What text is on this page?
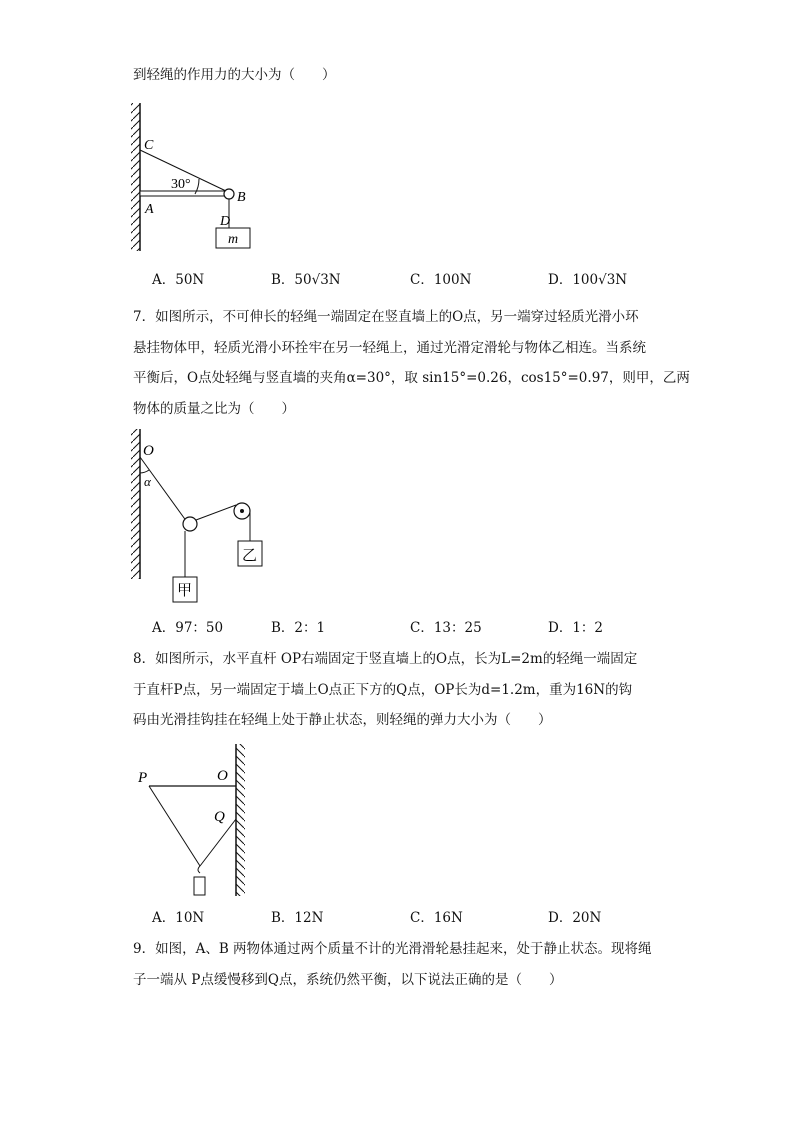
到轻绳的作用力的大小为（　　）
C
30°
A
B
D
m
A．50N	B．50√3N	C．100N	D．100√3N
7．如图所示，不可伸长的轻绳一端固定在竖直墙上的O点，另一端穿过轻质光滑小环
悬挂物体甲，轻质光滑小环拴牢在另一轻绳上，通过光滑定滑轮与物体乙相连。当系统
平衡后，O点处轻绳与竖直墙的夹角α=30°，取 sin15°=0.26，cos15°=0.97，则甲，乙两
物体的质量之比为（　　）
O
α
乙
甲
A．97：50	B．2：1	C．13：25	D．1：2
8．如图所示，水平直杆 OP右端固定于竖直墙上的O点，长为L=2m的轻绳一端固定
于直杆P点，另一端固定于墙上O点正下方的Q点，OP长为d=1.2m，重为16N的钩
码由光滑挂钩挂在轻绳上处于静止状态，则轻绳的弹力大小为（　　）
P	O
Q
A．10N	B．12N	C．16N	D．20N
9．如图，A、B 两物体通过两个质量不计的光滑滑轮悬挂起来，处于静止状态。现将绳
子一端从 P点缓慢移到Q点，系统仍然平衡，以下说法正确的是（　　）
